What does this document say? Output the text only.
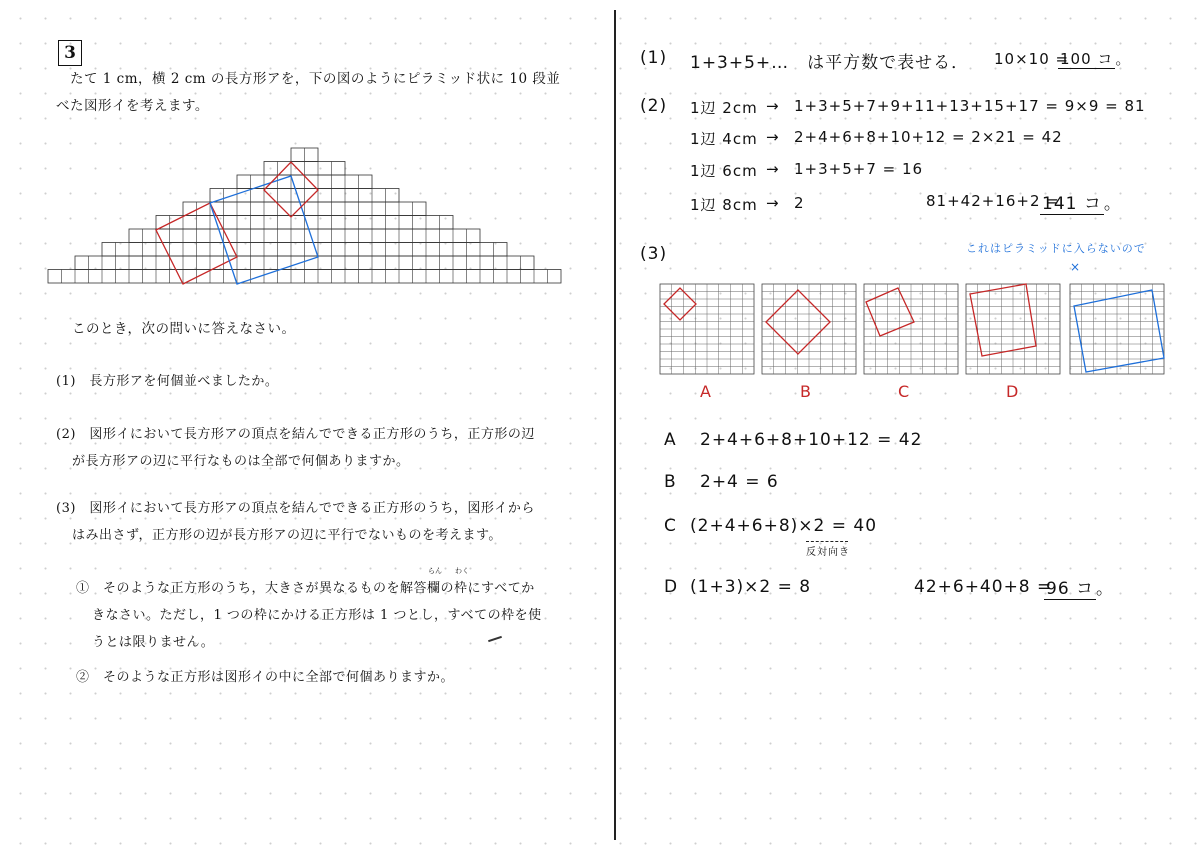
3
たて 1 cm，横 2 cm の長方形アを，下の図のようにピラミッド状に 10 段並
べた図形イを考えます。
このとき，次の問いに答えなさい。
(1)　長方形アを何個並べましたか。
(2)　図形イにおいて長方形アの頂点を結んでできる正方形のうち，正方形の辺
が長方形アの辺に平行なものは全部で何個ありますか。
(3)　図形イにおいて長方形アの頂点を結んでできる正方形のうち，図形イから
はみ出さず，正方形の辺が長方形アの辺に平行でないものを考えます。
らん わく
①　そのような正方形のうち，大きさが異なるものを解答欄の枠にすべてか
きなさい。ただし，1 つの枠にかける正方形は 1 つとし，すべての枠を使
うとは限りません。
②　そのような正方形は図形イの中に全部で何個ありますか。
(1) 1+3+5+…　は平方数で表せる． 10×10 =
100 コ 。
(2) 1辺 2cm → 1+3+5+7+9+11+13+15+17 = 9×9 = 81
1辺 4cm → 2+4+6+8+10+12 = 2×21 = 42
1辺 6cm → 1+3+5+7 = 16
1辺 8cm → 2	81+42+16+2 =
141 コ 。
(3)	これはピラミッドに入らないので
×
A	B	C	D
A 2+4+6+8+10+12 = 42
B 2+4 = 6
C (2+4+6+8)×2 = 40
反対向き
D (1+3)×2 = 8	42+6+40+8 =
96 コ 。
